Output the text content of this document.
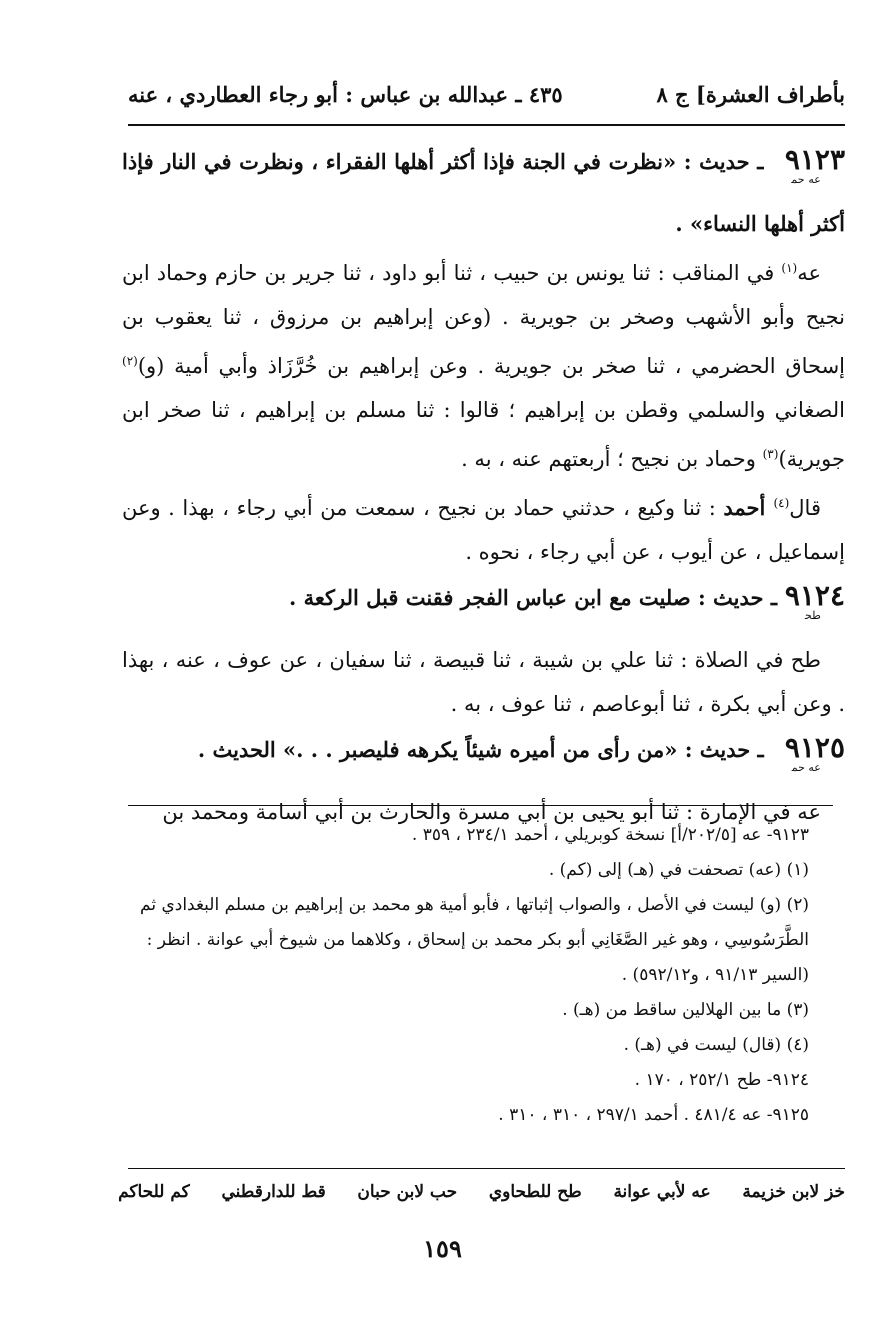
بأطراف العشرة] ج ٨
٤٣٥ ـ عبدالله بن عباس : أبو رجاء العطاردي ، عنه

$٩١٢٣_{عه حم}ـ$ حديث : «نظرت في الجنة فإذا أكثر أهلها الفقراء ، ونظرت في النار فإذا أكثر أهلها النساء» .

عه$^{(١)}$ في المناقب : ثنا يونس بن حبيب ، ثنا أبو داود ، ثنا جرير بن حازم وحماد ابن نجيح وأبو الأشهب وصخر بن جويرية . (وعن إبراهيم بن مرزوق ، ثنا يعقوب بن إسحاق الحضرمي ، ثنا صخر بن جويرية . وعن إبراهيم بن خُرَّزَاذ وأبي أمية (و)$^{(٢)}$ الصغاني والسلمي وقطن بن إبراهيم ؛ قالوا : ثنا مسلم بن إبراهيم ، ثنا صخر ابن جويرية)$^{(٣)}$ وحماد بن نجيح ؛ أربعتهم عنه ، به .

قال$^{(٤)}$ أحمد : ثنا وكيع ، حدثني حماد بن نجيح ، سمعت من أبي رجاء ، بهذا . وعن إسماعيل ، عن أيوب ، عن أبي رجاء ، نحوه .

$٩١٢٤_{طح}ـ$ حديث : صليت مع ابن عباس الفجر فقنت قبل الركعة .

طح في الصلاة : ثنا علي بن شيبة ، ثنا قبيصة ، ثنا سفيان ، عن عوف ، عنه ، بهذا . وعن أبي بكرة ، ثنا أبوعاصم ، ثنا عوف ، به .

$٩١٢٥_{عه حم}ـ$ حديث : «من رأى من أميره شيئاً يكرهه فليصبر . . .» الحديث .

عه في الإمارة : ثنا أبو يحيى بن أبي مسرة والحارث بن أبي أسامة ومحمد بن

٩١٢٣- عه [٢٠٢/٥/أ] نسخة كوبريلي ، أحمد ٢٣٤/١ ، ٣٥٩ .

(١) (عه) تصحفت في (هـ) إلى (كم) .

(٢) (و) ليست في الأصل ، والصواب إثباتها ، فأبو أمية هو محمد بن إبراهيم بن مسلم البغدادي ثم الطَّرَسُوسِي ، وهو غير الصَّغَانِي أبو بكر محمد بن إسحاق ، وكلاهما من شيوخ أبي عوانة . انظر : (السير ٩١/١٣ ، و٥٩٢/١٢) .

(٣) ما بين الهلالين ساقط من (هـ) .

(٤) (قال) ليست في (هـ) .

٩١٢٤- طح ٢٥٢/١ ، ١٧٠ .

٩١٢٥- عه ٤٨١/٤ . أحمد ٢٩٧/١ ، ٣١٠ ، ٣١٠ .

خز لابن خزيمة
عه لأبي عوانة
طح للطحاوي
حب لابن حبان
قط للدارقطني
كم للحاكم
١٥٩
